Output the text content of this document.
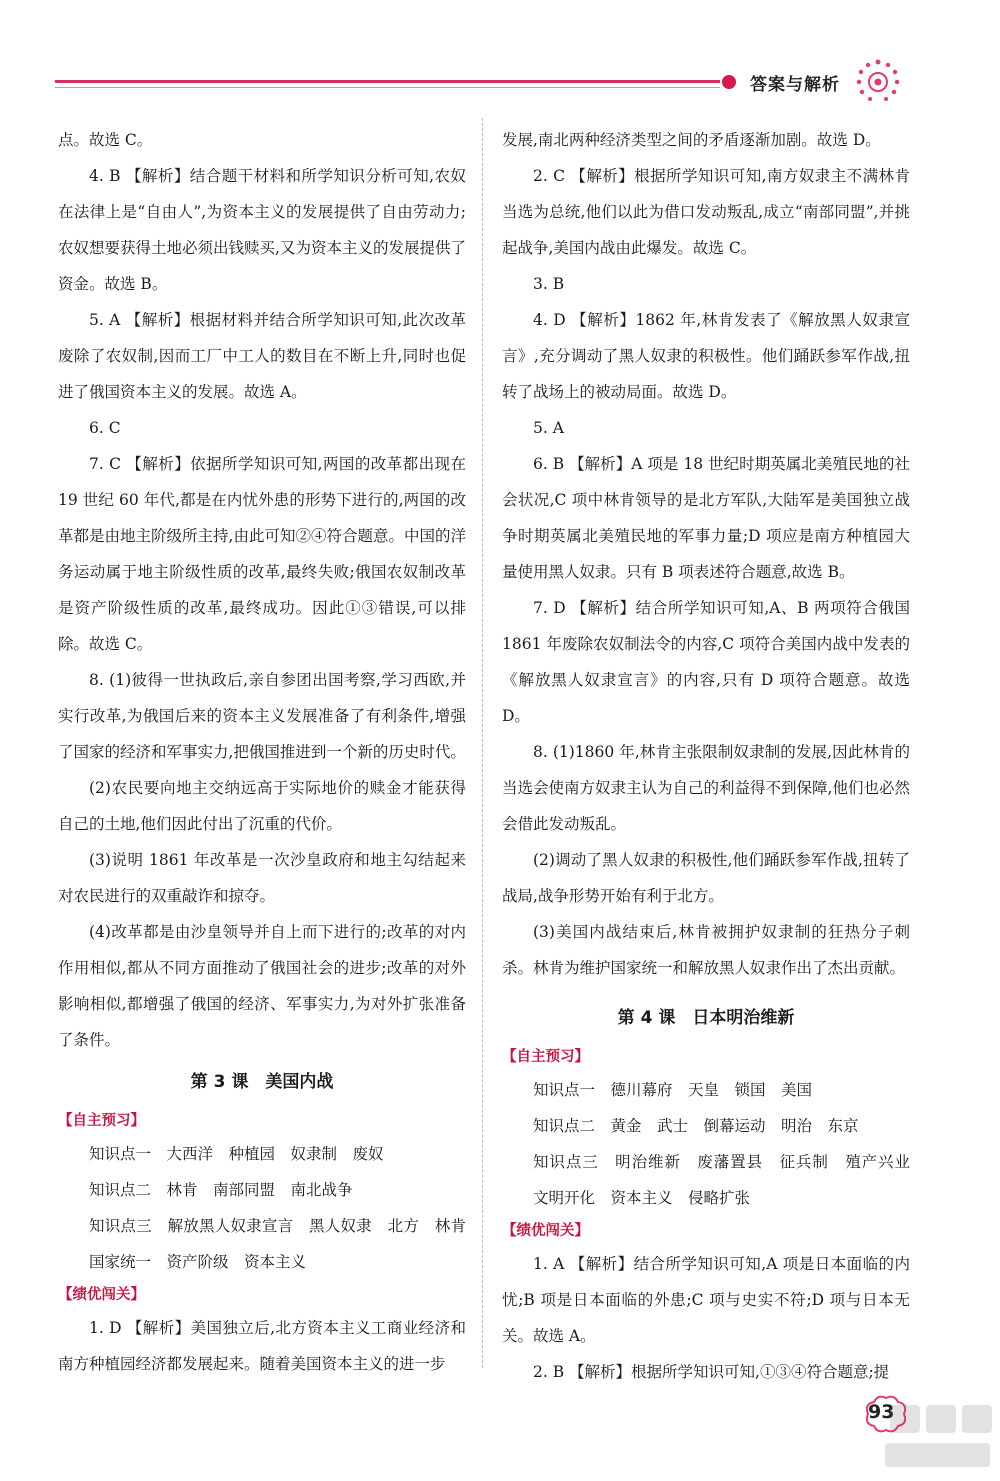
答案与解析

点。故选 C。

4. B 【解析】结合题干材料和所学知识分析可知,农奴在法律上是“自由人”,为资本主义的发展提供了自由劳动力;农奴想要获得土地必须出钱赎买,又为资本主义的发展提供了资金。故选 B。

5. A 【解析】根据材料并结合所学知识可知,此次改革废除了农奴制,因而工厂中工人的数目在不断上升,同时也促进了俄国资本主义的发展。故选 A。

6. C

7. C 【解析】依据所学知识可知,两国的改革都出现在 19 世纪 60 年代,都是在内忧外患的形势下进行的,两国的改革都是由地主阶级所主持,由此可知②④符合题意。中国的洋务运动属于地主阶级性质的改革,最终失败;俄国农奴制改革是资产阶级性质的改革,最终成功。因此①③错误,可以排除。故选 C。

8. (1)彼得一世执政后,亲自参团出国考察,学习西欧,并实行改革,为俄国后来的资本主义发展准备了有利条件,增强了国家的经济和军事实力,把俄国推进到一个新的历史时代。

(2)农民要向地主交纳远高于实际地价的赎金才能获得自己的土地,他们因此付出了沉重的代价。

(3)说明 1861 年改革是一次沙皇政府和地主勾结起来对农民进行的双重敲诈和掠夺。

(4)改革都是由沙皇领导并自上而下进行的;改革的对内作用相似,都从不同方面推动了俄国社会的进步;改革的对外影响相似,都增强了俄国的经济、军事实力,为对外扩张准备了条件。

第 3 课　美国内战
【自主预习】

知识点一　大西洋　种植园　奴隶制　废奴

知识点二　林肯　南部同盟　南北战争

知识点三　解放黑人奴隶宣言　黑人奴隶　北方　林肯　国家统一　资产阶级　资本主义

【绩优闯关】

1. D 【解析】美国独立后,北方资本主义工商业经济和南方种植园经济都发展起来。随着美国资本主义的进一步

发展,南北两种经济类型之间的矛盾逐渐加剧。故选 D。

2. C 【解析】根据所学知识可知,南方奴隶主不满林肯当选为总统,他们以此为借口发动叛乱,成立“南部同盟”,并挑起战争,美国内战由此爆发。故选 C。

3. B

4. D 【解析】1862 年,林肯发表了《解放黑人奴隶宣言》,充分调动了黑人奴隶的积极性。他们踊跃参军作战,扭转了战场上的被动局面。故选 D。

5. A

6. B 【解析】A 项是 18 世纪时期英属北美殖民地的社会状况,C 项中林肯领导的是北方军队,大陆军是美国独立战争时期英属北美殖民地的军事力量;D 项应是南方种植园大量使用黑人奴隶。只有 B 项表述符合题意,故选 B。

7. D 【解析】结合所学知识可知,A、B 两项符合俄国 1861 年废除农奴制法令的内容,C 项符合美国内战中发表的《解放黑人奴隶宣言》的内容,只有 D 项符合题意。故选 D。

8. (1)1860 年,林肯主张限制奴隶制的发展,因此林肯的当选会使南方奴隶主认为自己的利益得不到保障,他们也必然会借此发动叛乱。

(2)调动了黑人奴隶的积极性,他们踊跃参军作战,扭转了战局,战争形势开始有利于北方。

(3)美国内战结束后,林肯被拥护奴隶制的狂热分子刺杀。林肯为维护国家统一和解放黑人奴隶作出了杰出贡献。

第 4 课　日本明治维新
【自主预习】

知识点一　德川幕府　天皇　锁国　美国

知识点二　黄金　武士　倒幕运动　明治　东京

知识点三　明治维新　废藩置县　征兵制　殖产兴业　文明开化　资本主义　侵略扩张

【绩优闯关】

1. A 【解析】结合所学知识可知,A 项是日本面临的内忧;B 项是日本面临的外患;C 项与史实不符;D 项与日本无关。故选 A。

2. B 【解析】根据所学知识可知,①③④符合题意;提

93
